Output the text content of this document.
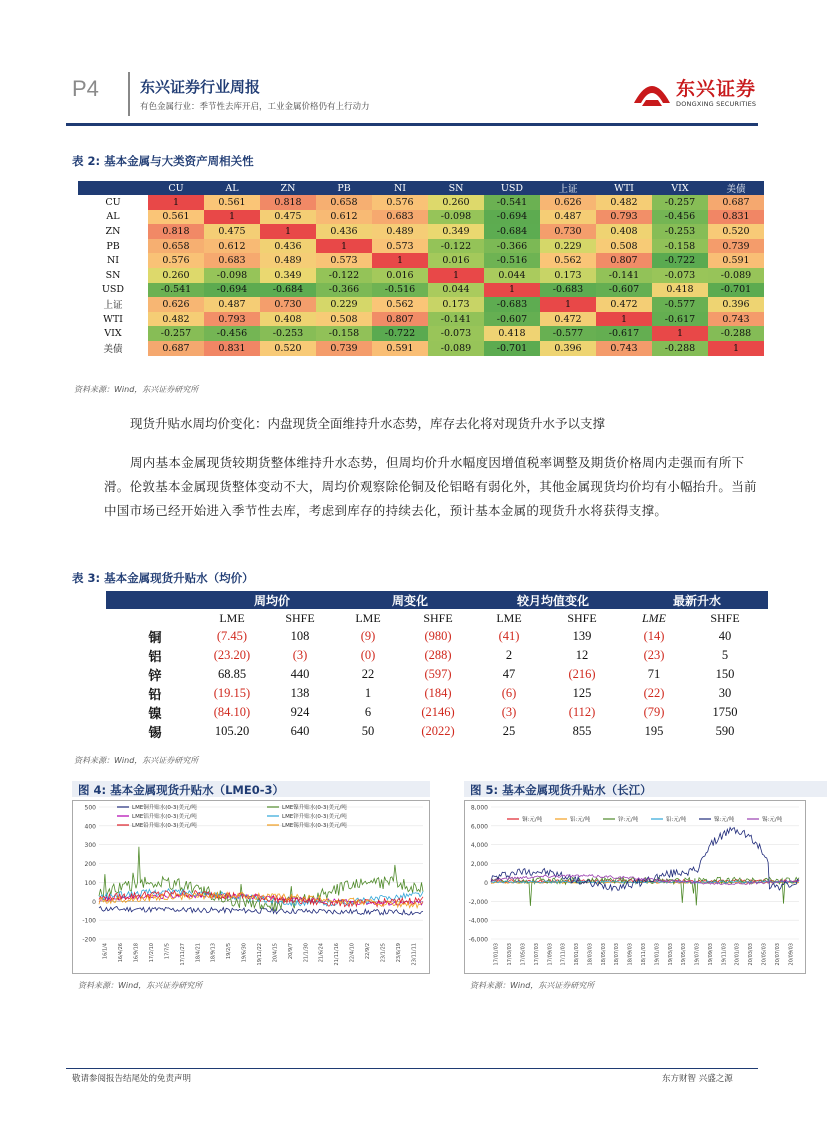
P4	东兴证券行业周报
有色金属行业：季节性去库开启，工业金属价格仍有上行动力
东兴证券
DONGXING SECURITIES
表 2: 基本金属与大类资产周相关性
	CU	AL	ZN	PB	NI	SN	USD	上证	WTI	VIX	美债
CU	1	0.561	0.818	0.658	0.576	0.260	-0.541	0.626	0.482	-0.257	0.687
AL	0.561	1	0.475	0.612	0.683	-0.098	-0.694	0.487	0.793	-0.456	0.831
ZN	0.818	0.475	1	0.436	0.489	0.349	-0.684	0.730	0.408	-0.253	0.520
PB	0.658	0.612	0.436	1	0.573	-0.122	-0.366	0.229	0.508	-0.158	0.739
NI	0.576	0.683	0.489	0.573	1	0.016	-0.516	0.562	0.807	-0.722	0.591
SN	0.260	-0.098	0.349	-0.122	0.016	1	0.044	0.173	-0.141	-0.073	-0.089
USD	-0.541	-0.694	-0.684	-0.366	-0.516	0.044	1	-0.683	-0.607	0.418	-0.701
上证	0.626	0.487	0.730	0.229	0.562	0.173	-0.683	1	0.472	-0.577	0.396
WTI	0.482	0.793	0.408	0.508	0.807	-0.141	-0.607	0.472	1	-0.617	0.743
VIX	-0.257	-0.456	-0.253	-0.158	-0.722	-0.073	0.418	-0.577	-0.617	1	-0.288
美债	0.687	0.831	0.520	0.739	0.591	-0.089	-0.701	0.396	0.743	-0.288	1
资料来源：Wind，东兴证券研究所
现货升贴水周均价变化：内盘现货全面维持升水态势，库存去化将对现货升水予以支撑
周内基本金属现货较期货整体维持升水态势，但周均价升水幅度因增值税率调整及期货价格周内走强而有所下滑。伦敦基本金属现货整体变动不大，周均价观察除伦铜及伦铝略有弱化外，其他金属现货均价均有小幅抬升。当前中国市场已经开始进入季节性去库，考虑到库存的持续去化，预计基本金属的现货升水将获得支撑。
表 3: 基本金属现货升贴水（均价）
	周均价		周变化		较月均值变化		最新升水	
	LME	SHFE	LME	SHFE	LME	SHFE	LME	SHFE
铜	(7.45)	108	(9)	(980)	(41)	139	(14)	40
铝	(23.20)	(3)	(0)	(288)	2	12	(23)	5
锌	68.85	440	22	(597)	47	(216)	71	150
铅	(19.15)	138	1	(184)	(6)	125	(22)	30
镍	(84.10)	924	6	(2146)	(3)	(112)	(79)	1750
锡	105.20	640	50	(2022)	25	855	195	590
资料来源：Wind，东兴证券研究所
图 4: 基本金属现货升贴水（LME0-3）
500
400
300
200
100
0
-100
-200
16/1/4 16/4/26 16/9/18 17/2/10 17/7/5 17/11/27 18/4/21 18/9/13 19/2/5 19/6/30 19/11/22 20/4/15 20/9/7 21/1/30 21/6/24 21/11/16 22/4/10 22/9/2 23/1/25 23/6/19 23/11/11
LME铜升贴水(0-3)美元/吨	LME镍升贴水(0-3)美元/吨
LME铝升贴水(0-3)美元/吨	LME锌升贴水(0-3)美元/吨
LME铅升贴水(0-3)美元/吨	LME锡升贴水(0-3)美元/吨
资料来源：Wind，东兴证券研究所
图 5: 基本金属现货升贴水（长江）
8,000
6,000
4,000
2,000
0
-2,000
-4,000
-6,000
17/01/03 17/03/03 17/05/03 17/07/03 17/09/03 17/11/03 18/01/03 18/03/03 18/05/03 18/07/03 18/09/03 18/11/03 19/01/03 19/03/03 19/05/03 19/07/03 19/09/03 19/11/03 20/01/03 20/03/03 20/05/03 20/07/03 20/09/03
铜:元/吨	铝:元/吨	锌:元/吨	铅:元/吨	镍:元/吨	锡:元/吨
资料来源：Wind，东兴证券研究所
敬请参阅报告结尾处的免责声明	东方财智 兴盛之源
